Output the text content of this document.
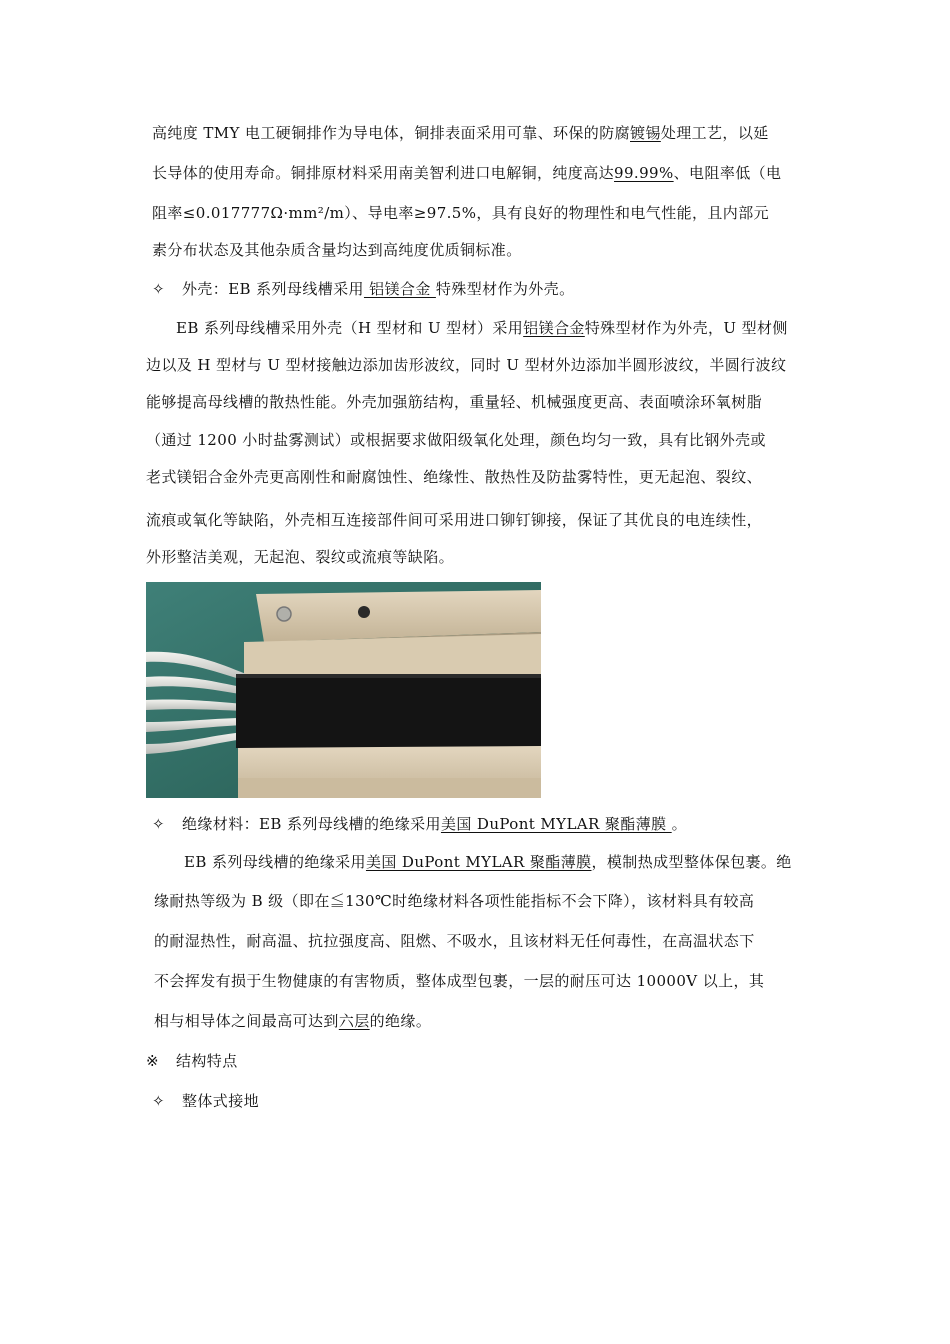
高纯度 TMY 电工硬铜排作为导电体，铜排表面采用可靠、环保的防腐镀锡处理工艺，以延
长导体的使用寿命。铜排原材料采用南美智利进口电解铜，纯度高达99.99%、电阻率低（电
阻率≤0.017777Ω·mm²/m）、导电率≥97.5%，具有良好的物理性和电气性能，且内部元
素分布状态及其他杂质含量均达到高纯度优质铜标准。
✧ 外壳：EB 系列母线槽采用 铝镁合金 特殊型材作为外壳。
EB 系列母线槽采用外壳（H 型材和 U 型材）采用铝镁合金特殊型材作为外壳，U 型材侧
边以及 H 型材与 U 型材接触边添加齿形波纹，同时 U 型材外边添加半圆形波纹，半圆行波纹
能够提高母线槽的散热性能。外壳加强筋结构，重量轻、机械强度更高、表面喷涂环氧树脂
（通过 1200 小时盐雾测试）或根据要求做阳级氧化处理，颜色均匀一致，具有比钢外壳或
老式镁铝合金外壳更高刚性和耐腐蚀性、绝缘性、散热性及防盐雾特性，更无起泡、裂纹、
流痕或氧化等缺陷，外壳相互连接部件间可采用进口铆钉铆接，保证了其优良的电连续性，
外形整洁美观，无起泡、裂纹或流痕等缺陷。
✧ 绝缘材料：EB 系列母线槽的绝缘采用美国 DuPont MYLAR 聚酯薄膜 。
EB 系列母线槽的绝缘采用美国 DuPont MYLAR 聚酯薄膜，模制热成型整体保包裹。绝
缘耐热等级为 B 级（即在≦130℃时绝缘材料各项性能指标不会下降），该材料具有较高
的耐湿热性，耐高温、抗拉强度高、阻燃、不吸水，且该材料无任何毒性，在高温状态下
不会挥发有损于生物健康的有害物质，整体成型包裹，一层的耐压可达 10000V 以上，其
相与相导体之间最高可达到六层的绝缘。
※ 结构特点
✧ 整体式接地
